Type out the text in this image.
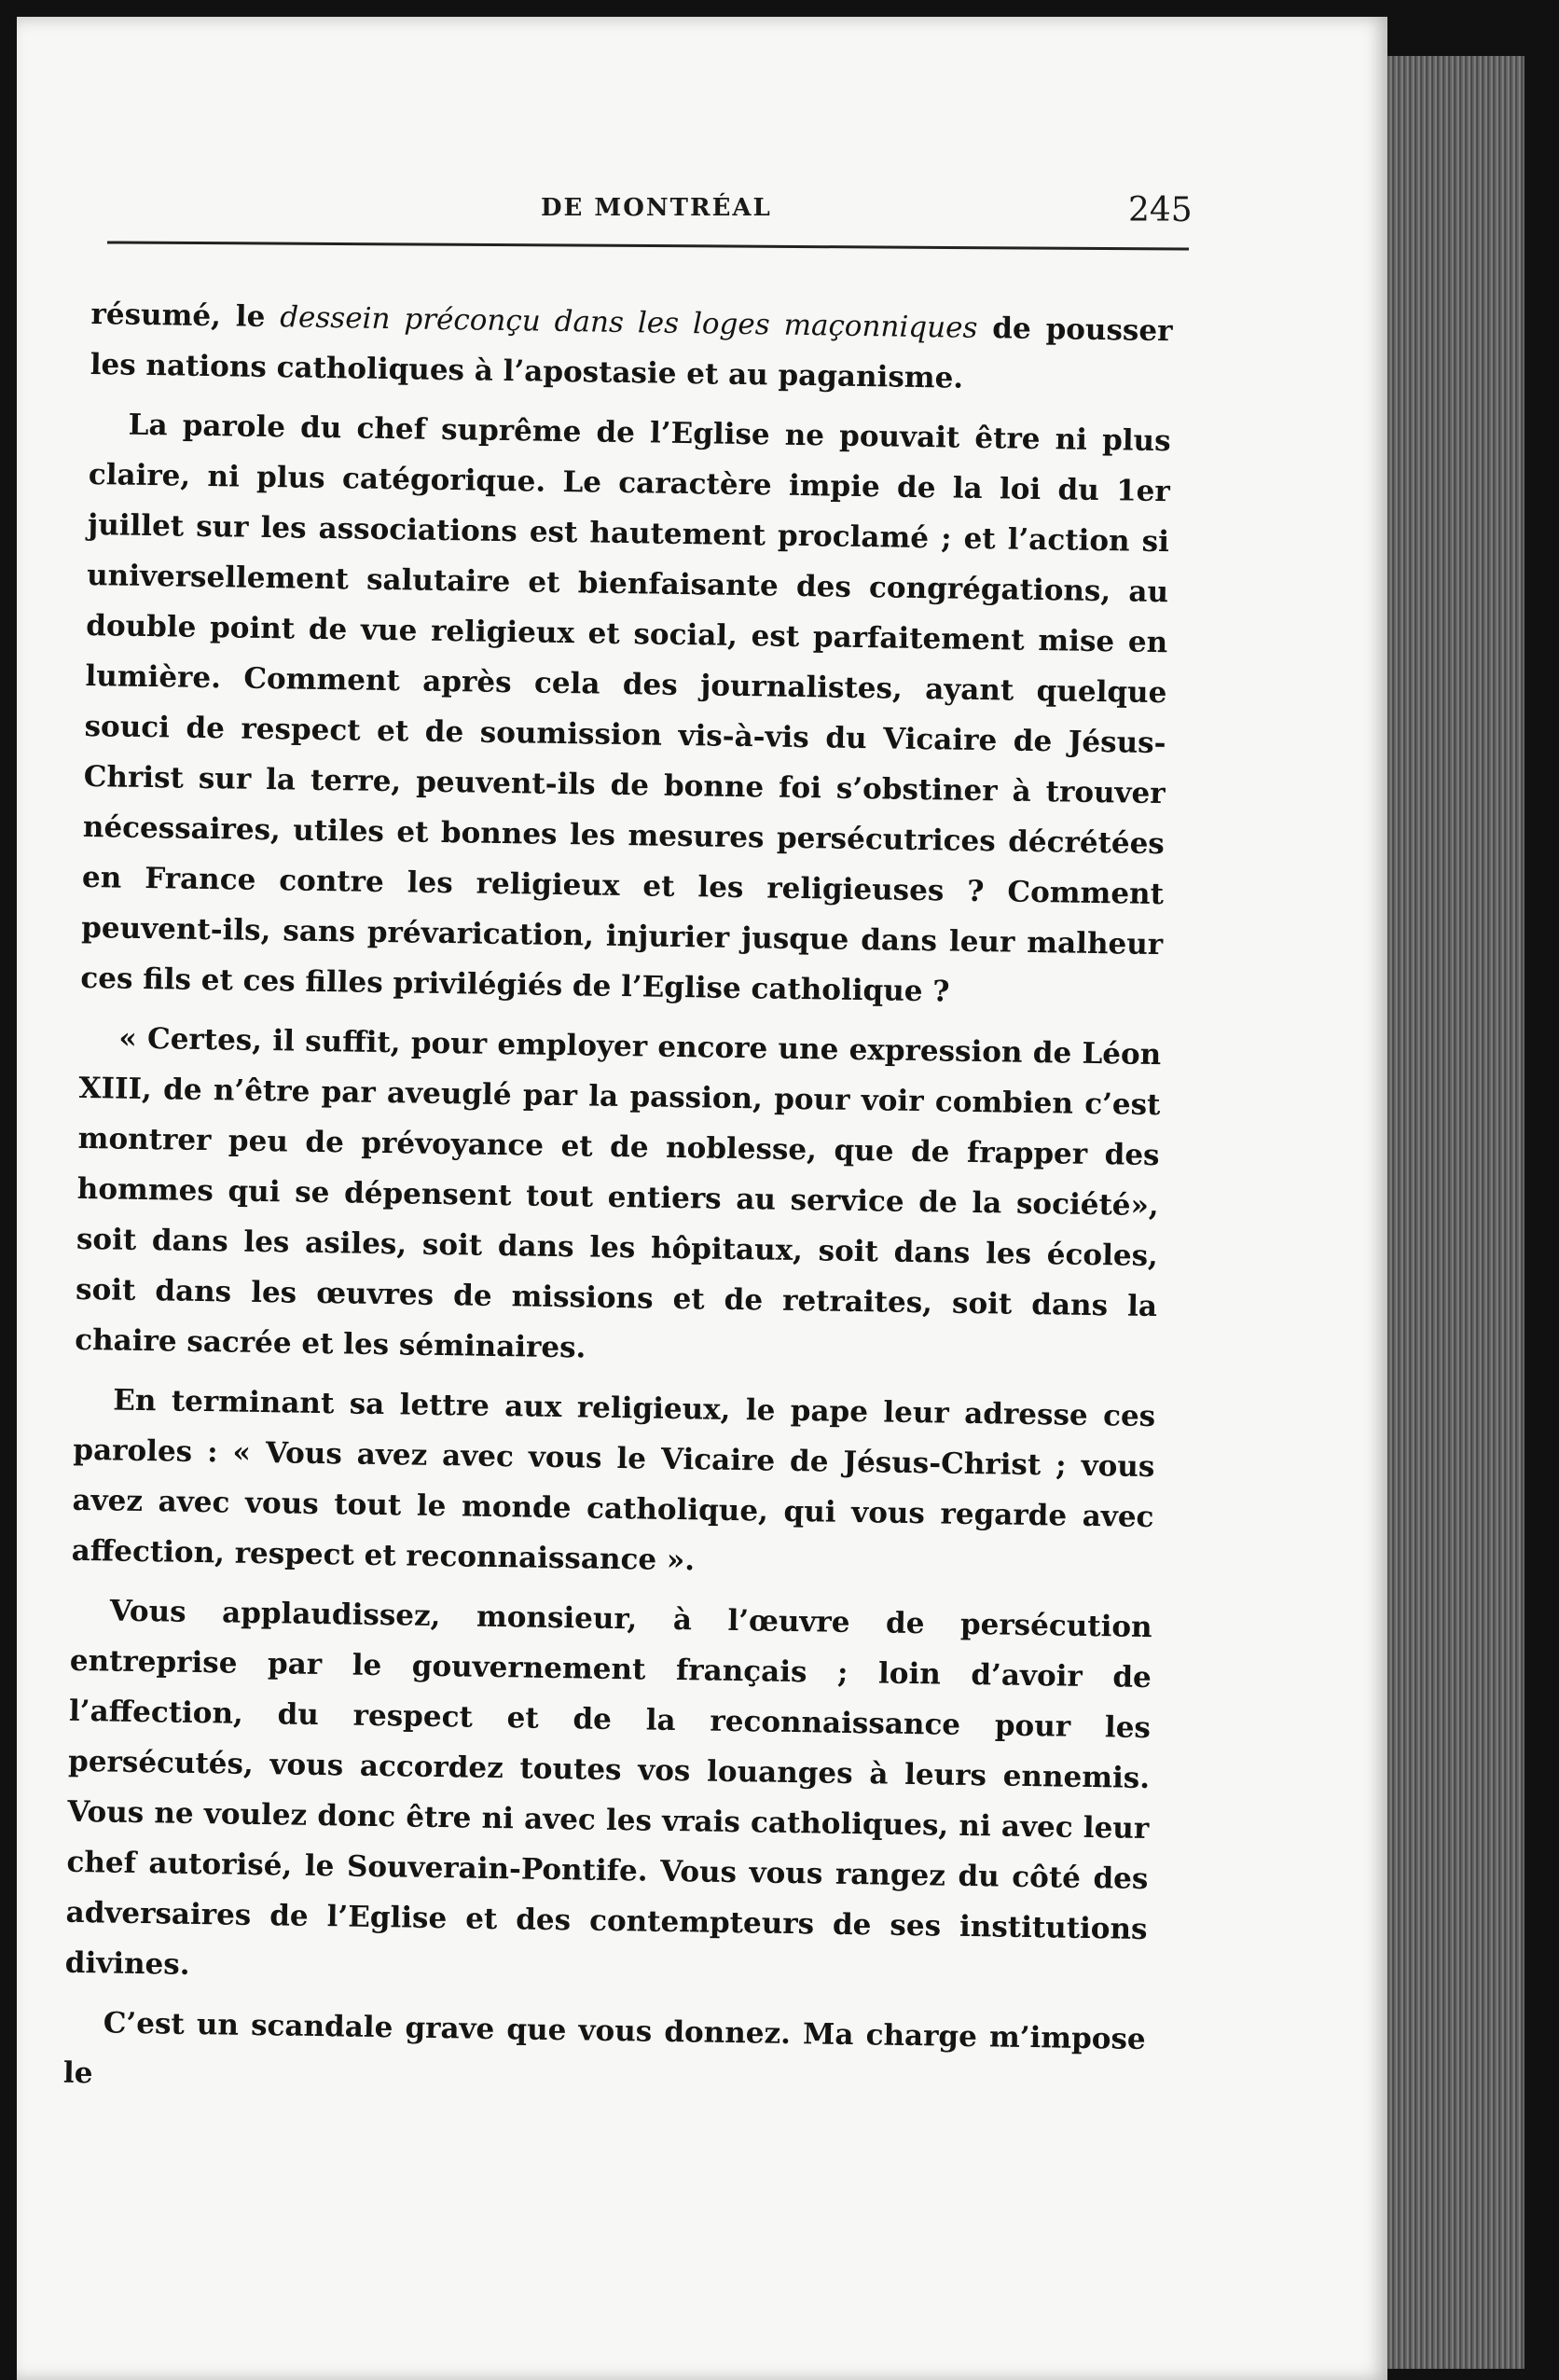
DE MONTRÉAL	245

résumé, le dessein préconçu dans les loges maçonniques de pousser les nations catholiques à l’apostasie et au paganisme.

La parole du chef suprême de l’Eglise ne pouvait être ni plus claire, ni plus catégorique. Le caractère impie de la loi du 1er juillet sur les associations est hautement proclamé ; et l’action si universellement salutaire et bienfaisante des congrégations, au double point de vue religieux et social, est parfaitement mise en lumière. Comment après cela des journalistes, ayant quelque souci de respect et de soumission vis-à-vis du Vicaire de Jésus-Christ sur la terre, peuvent-ils de bonne foi s’obstiner à trouver nécessaires, utiles et bonnes les mesures persécutrices décrétées en France contre les religieux et les religieuses ? Comment peuvent-ils, sans prévarication, injurier jusque dans leur malheur ces fils et ces filles privilégiés de l’Eglise catholique ?

« Certes, il suffit, pour employer encore une expression de Léon XIII, de n’être par aveuglé par la passion, pour voir combien c’est montrer peu de prévoyance et de noblesse, que de frapper des hommes qui se dépensent tout entiers au service de la société», soit dans les asiles, soit dans les hôpitaux, soit dans les écoles, soit dans les œuvres de missions et de retraites, soit dans la chaire sacrée et les séminaires.

En terminant sa lettre aux religieux, le pape leur adresse ces paroles : « Vous avez avec vous le Vicaire de Jésus-Christ ; vous avez avec vous tout le monde catholique, qui vous regarde avec affection, respect et reconnaissance ».

Vous applaudissez, monsieur, à l’œuvre de persécution entreprise par le gouvernement français ; loin d’avoir de l’affection, du respect et de la reconnaissance pour les persécutés, vous accordez toutes vos louanges à leurs ennemis. Vous ne voulez donc être ni avec les vrais catholiques, ni avec leur chef autorisé, le Souverain-Pontife. Vous vous rangez du côté des adversaires de l’Eglise et des contempteurs de ses institutions divines.

C’est un scandale grave que vous donnez. Ma charge m’impose le
